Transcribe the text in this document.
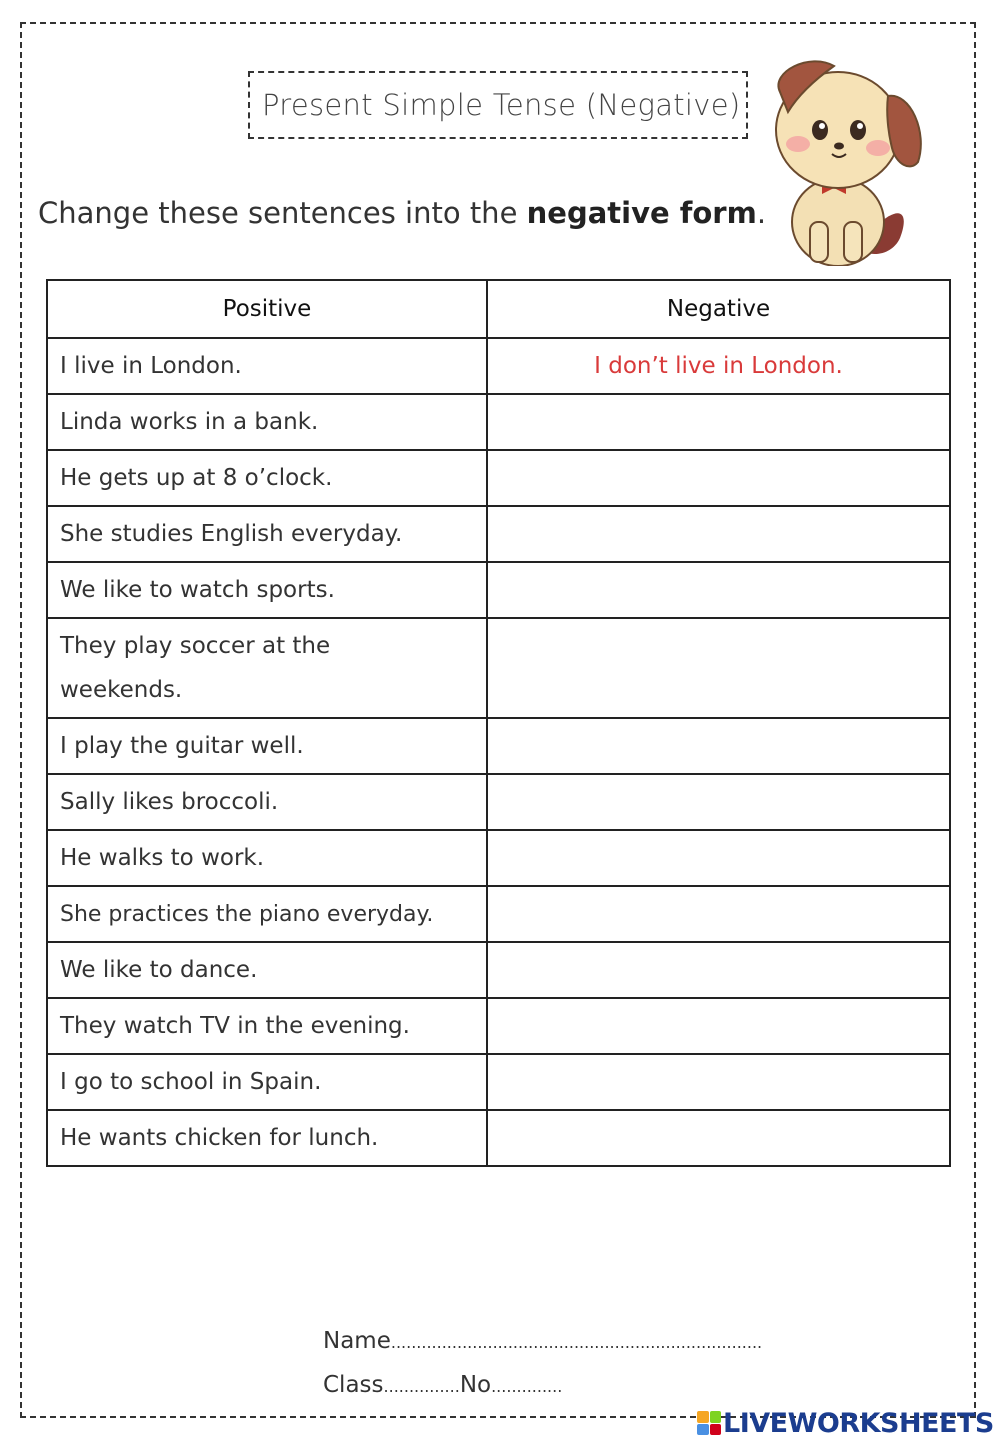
Present Simple Tense (Negative)
Change these sentences into the negative form.
Positive	Negative
I live in London.	I don’t live in London.
Linda works in a bank.	
He gets up at 8 o’clock.	
She studies English everyday.	
We like to watch sports.	
They play soccer at the weekends.	
I play the guitar well.	
Sally likes broccoli.	
He walks to work.	
She practices the piano everyday.	
We like to dance.	
They watch TV in the evening.	
I go to school in Spain.	
He wants chicken for lunch.	
Name.........................................................................
Class...............No..............
LIVEWORKSHEETS
